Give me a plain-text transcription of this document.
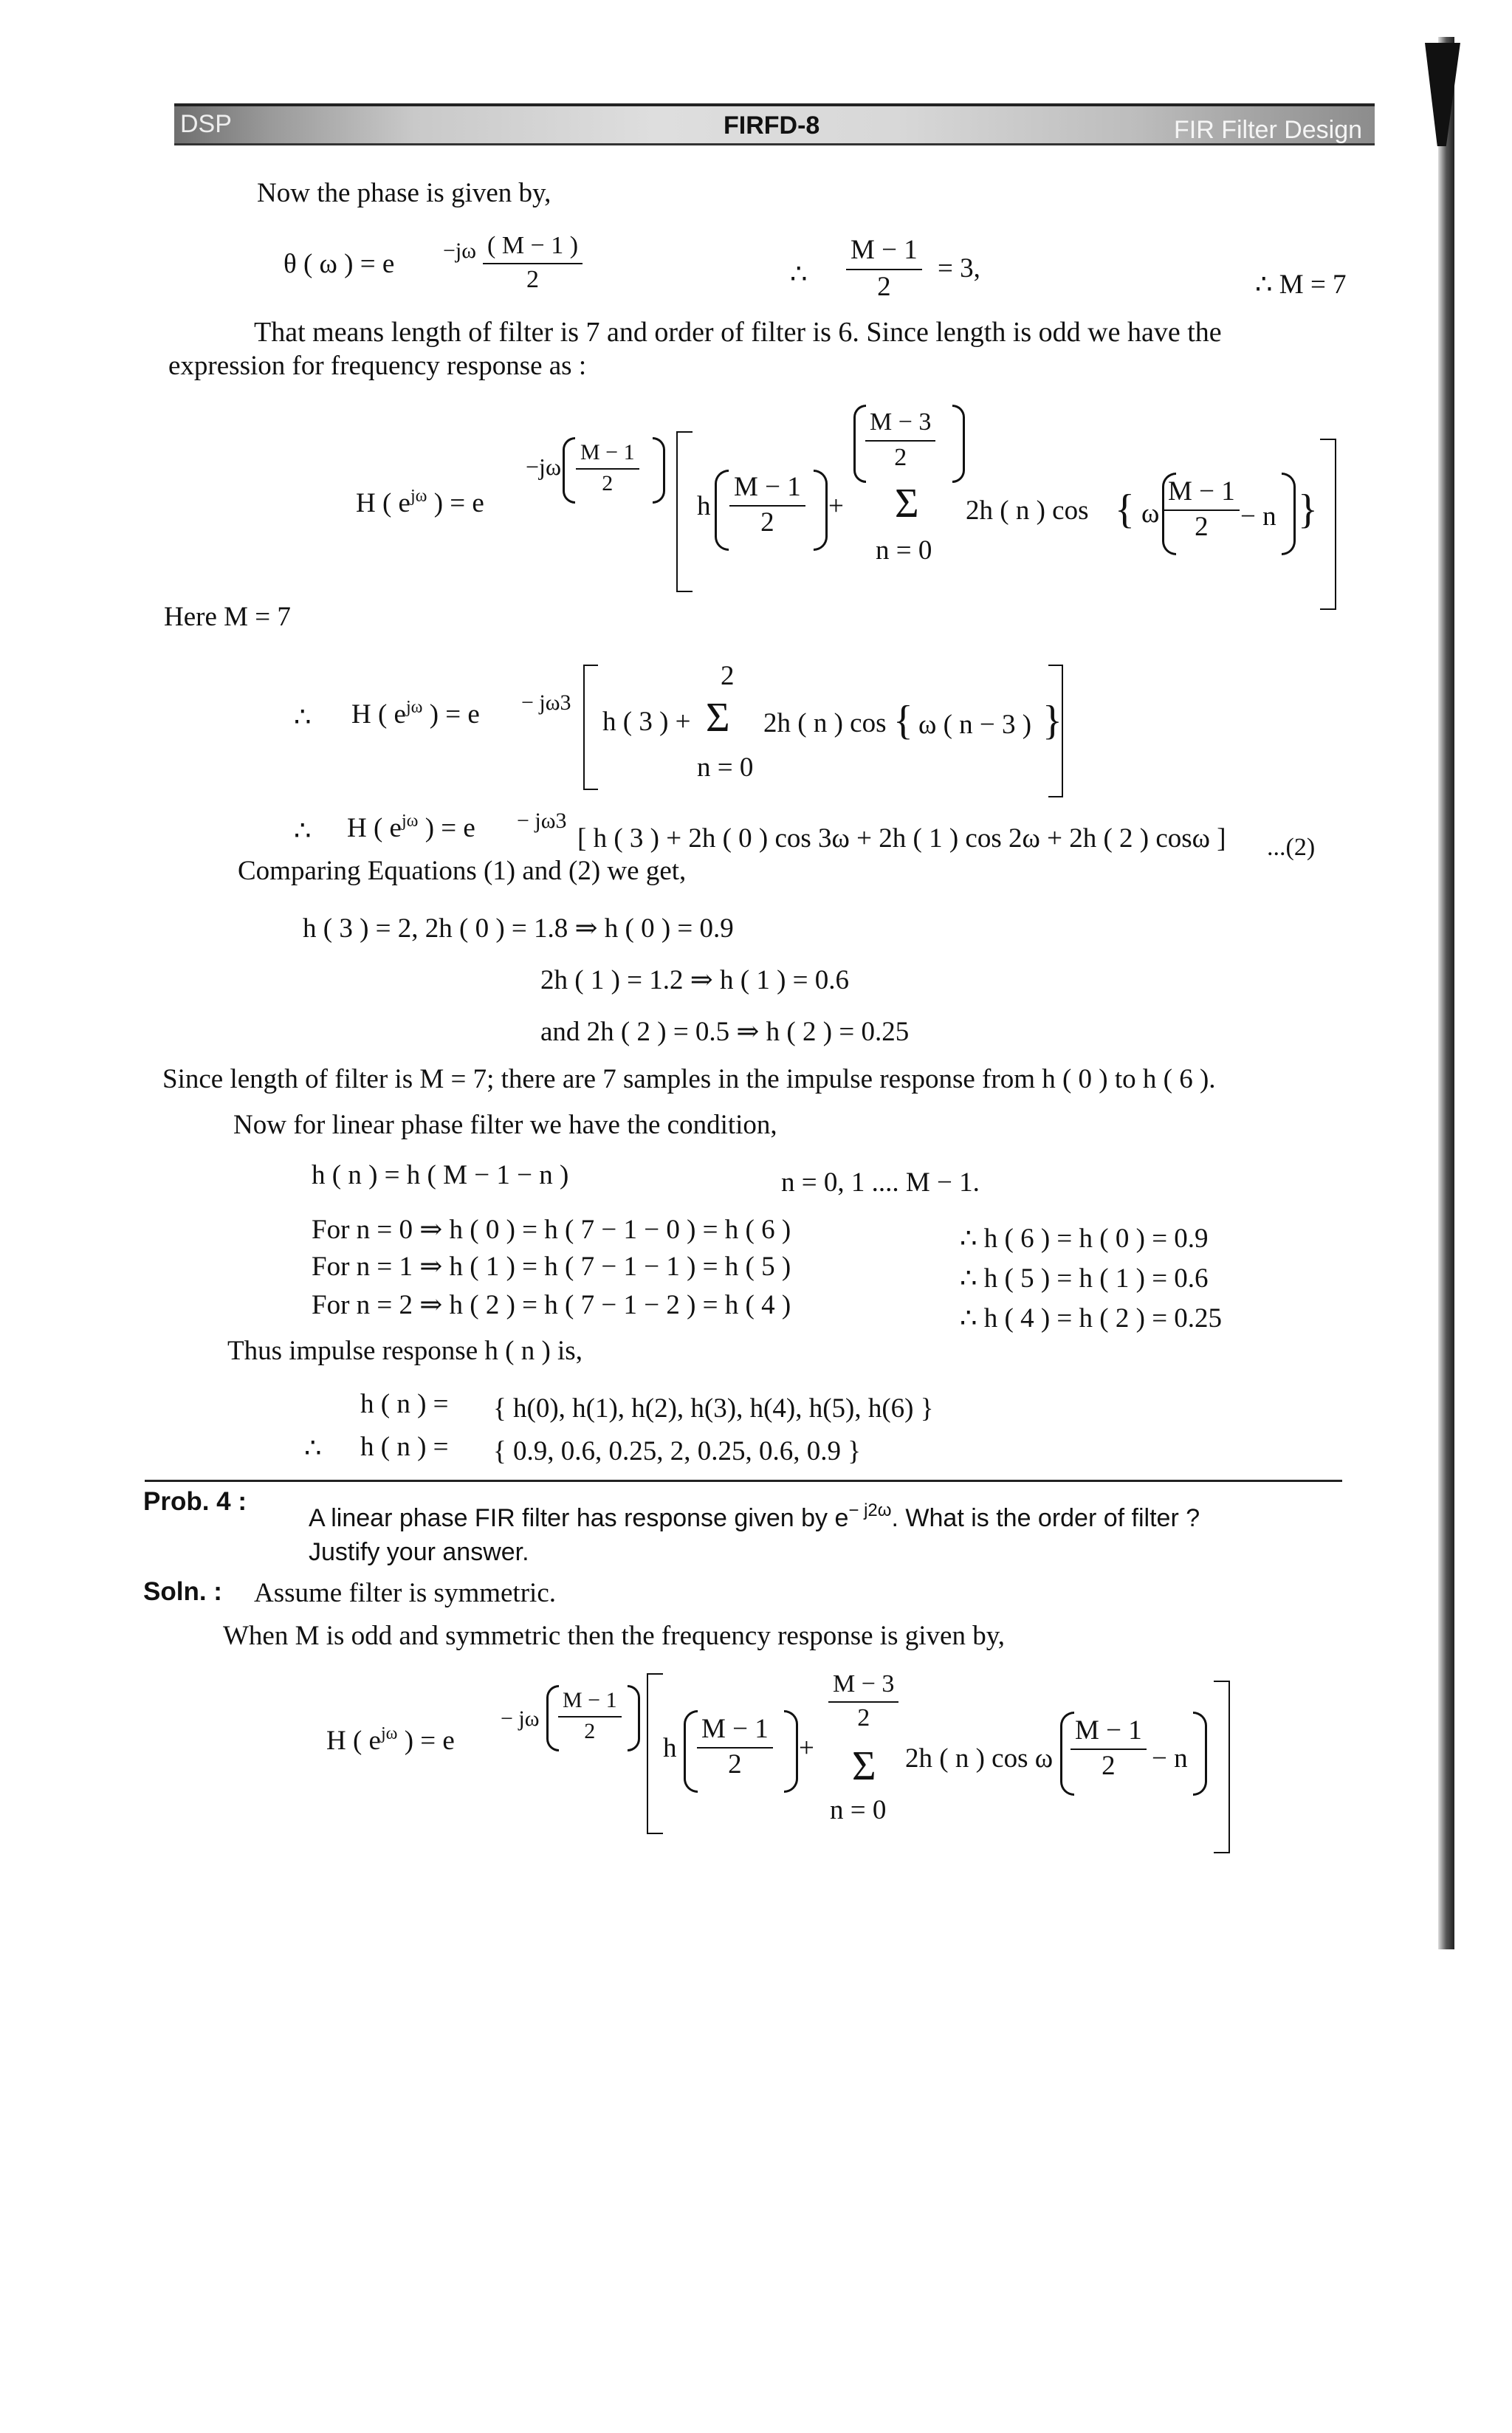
DSP	FIRFD-8	FIR Filter Design
Now the phase is given by,
θ ( ω ) = $e -j\omega \frac{( M - 1 )}{2}$	∴ $\frac{M - 1}{2} = 3$,
∴ M = 7
That means length of filter is 7 and order of filter is 6. Since length is odd we have the
expression for frequency response as :
H ( $e^{j\omega}$ ) = e
$-j\omega \frac{M - 1}{2}$
h $\frac{M - 1}{2}$ +
$\frac{M - 3}{2}$
Σ
n = 0
2h ( n ) cos { ω $\frac{M - 1}{2} - n$ }
Here M = 7
∴ H ( $e^{j\omega}$ ) = e − jω3
h ( 3 ) +
2
Σ
n = 0
2h ( n ) cos { ω ( n − 3 ) }
∴ H ( $e^{j\omega}$ ) = e − jω3
[ h ( 3 ) + 2h ( 0 ) cos 3ω + 2h ( 1 ) cos 2ω + 2h ( 2 ) cosω ] ...(2)
Comparing Equations (1) and (2) we get,
h ( 3 ) = 2, 2h ( 0 ) = 1.8 ⇒ h ( 0 ) = 0.9
2h ( 1 ) = 1.2 ⇒ h ( 1 ) = 0.6
and 2h ( 2 ) = 0.5 ⇒ h ( 2 ) = 0.25
Since length of filter is M = 7; there are 7 samples in the impulse response from h ( 0 ) to h ( 6 ).
Now for linear phase filter we have the condition,
h ( n ) = h ( M − 1 − n )	n = 0, 1 .... M − 1.
For n = 0 ⇒ h ( 0 ) = h ( 7 − 1 − 0 ) = h ( 6 )	∴ h ( 6 ) = h ( 0 ) = 0.9
For n = 1 ⇒ h ( 1 ) = h ( 7 − 1 − 1 ) = h ( 5 )	∴ h ( 5 ) = h ( 1 ) = 0.6
For n = 2 ⇒ h ( 2 ) = h ( 7 − 1 − 2 ) = h ( 4 )	∴ h ( 4 ) = h ( 2 ) = 0.25
Thus impulse response h ( n ) is,
h ( n ) = { h(0), h(1), h(2), h(3), h(4), h(5), h(6) }
∴ h ( n ) = { 0.9, 0.6, 0.25, 2, 0.25, 0.6, 0.9 }
Prob. 4 :
A linear phase FIR filter has response given by $e^{- j2\omega}$. What is the order of filter ?
Justify your answer.
Soln. : Assume filter is symmetric.
When M is odd and symmetric then the frequency response is given by,
H ( $e^{j\omega}$ ) = e
− jω $\frac{M - 1}{2}$
h $\frac{M - 1}{2}$ +
$\frac{M - 3}{2}$
Σ
n = 0
2h ( n ) cos ω $\frac{M - 1}{2} - n$
